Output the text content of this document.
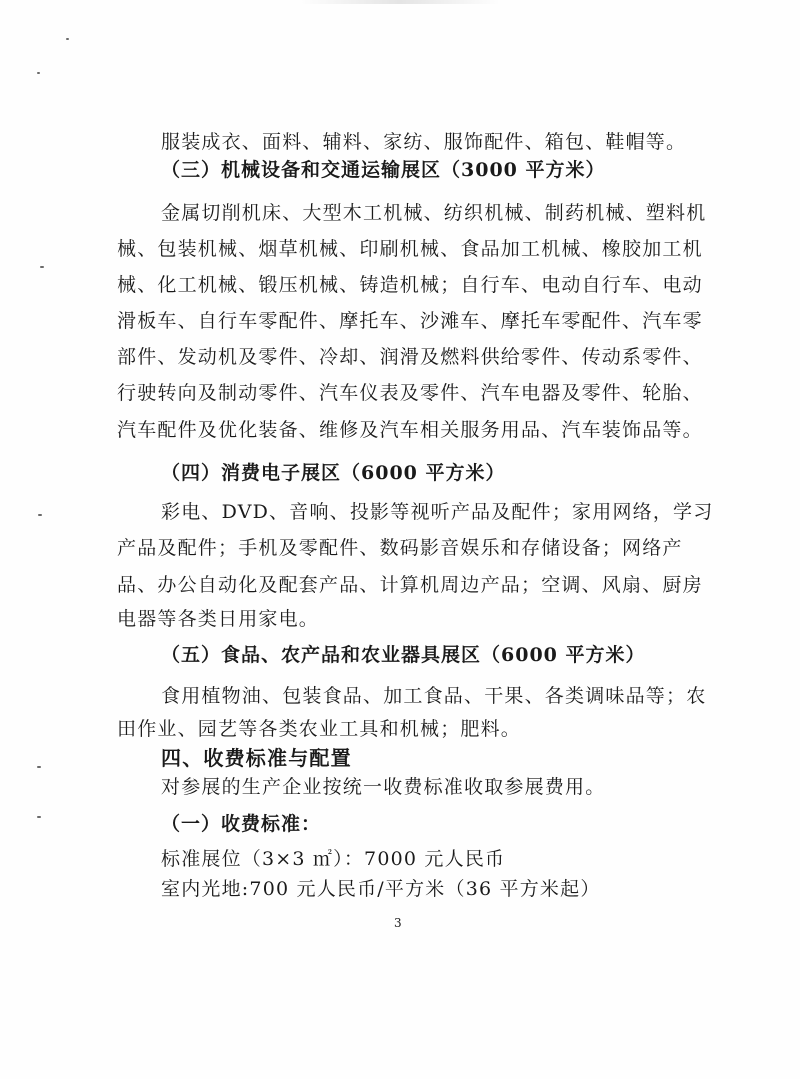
服装成衣、面料、辅料、家纺、服饰配件、箱包、鞋帽等。
（三）机械设备和交通运输展区（3000 平方米）
金属切削机床、大型木工机械、纺织机械、制药机械、塑料机
械、包装机械、烟草机械、印刷机械、食品加工机械、橡胶加工机
械、化工机械、锻压机械、铸造机械；自行车、电动自行车、电动
滑板车、自行车零配件、摩托车、沙滩车、摩托车零配件、汽车零
部件、发动机及零件、冷却、润滑及燃料供给零件、传动系零件、
行驶转向及制动零件、汽车仪表及零件、汽车电器及零件、轮胎、
汽车配件及优化装备、维修及汽车相关服务用品、汽车装饰品等。
（四）消费电子展区（6000 平方米）
彩电、DVD、音响、投影等视听产品及配件；家用网络，学习
产品及配件；手机及零配件、数码影音娱乐和存储设备；网络产
品、办公自动化及配套产品、计算机周边产品；空调、风扇、厨房
电器等各类日用家电。
（五）食品、农产品和农业器具展区（6000 平方米）
食用植物油、包装食品、加工食品、干果、各类调味品等；农
田作业、园艺等各类农业工具和机械；肥料。
四、收费标准与配置
对参展的生产企业按统一收费标准收取参展费用。
（一）收费标准：
标准展位（3×3 ㎡）：7000 元人民币
室内光地:700 元人民币/平方米（36 平方米起）
3
